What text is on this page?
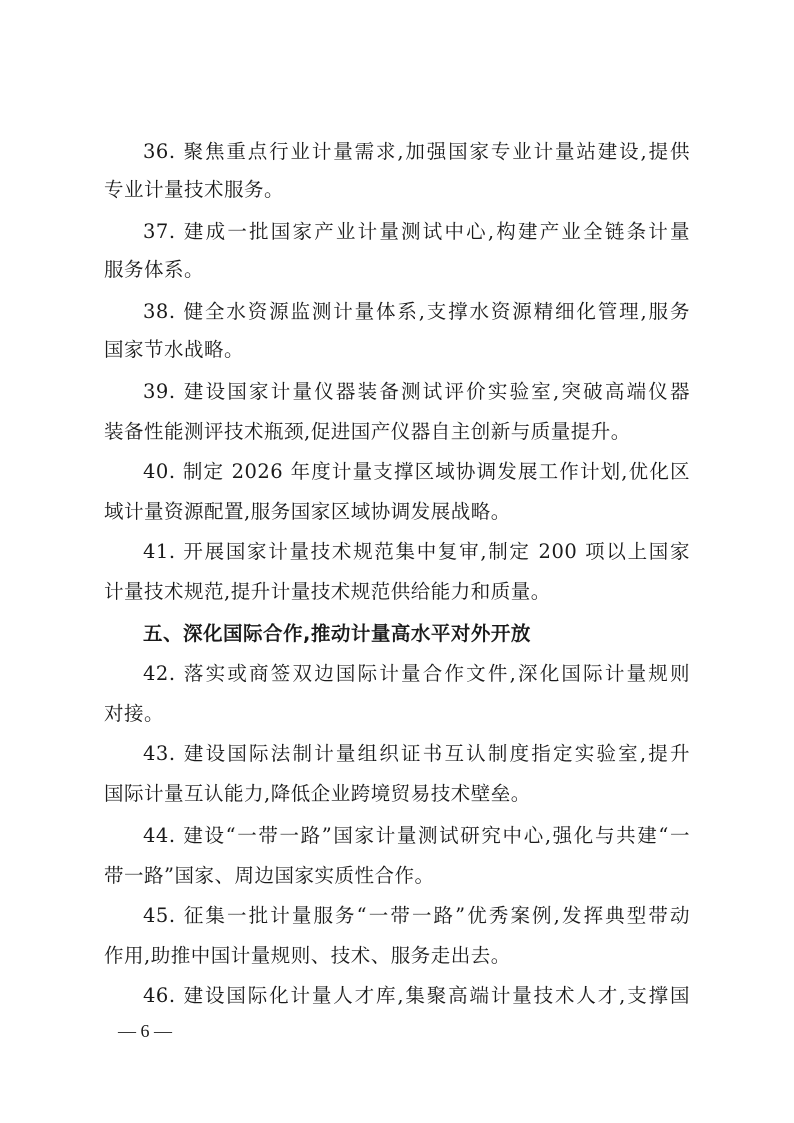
36. 聚焦重点行业计量需求,加强国家专业计量站建设,提供
专业计量技术服务。
37. 建成一批国家产业计量测试中心,构建产业全链条计量
服务体系。
38. 健全水资源监测计量体系,支撑水资源精细化管理,服务
国家节水战略。
39. 建设国家计量仪器装备测试评价实验室,突破高端仪器
装备性能测评技术瓶颈,促进国产仪器自主创新与质量提升。
40. 制定 2026 年度计量支撑区域协调发展工作计划,优化区
域计量资源配置,服务国家区域协调发展战略。
41. 开展国家计量技术规范集中复审,制定 200 项以上国家
计量技术规范,提升计量技术规范供给能力和质量。
五、深化国际合作,推动计量高水平对外开放
42. 落实或商签双边国际计量合作文件,深化国际计量规则
对接。
43. 建设国际法制计量组织证书互认制度指定实验室,提升
国际计量互认能力,降低企业跨境贸易技术壁垒。
44. 建设“一带一路”国家计量测试研究中心,强化与共建“一
带一路”国家、周边国家实质性合作。
45. 征集一批计量服务“一带一路”优秀案例,发挥典型带动
作用,助推中国计量规则、技术、服务走出去。
46. 建设国际化计量人才库,集聚高端计量技术人才,支撑国
— 6 —
